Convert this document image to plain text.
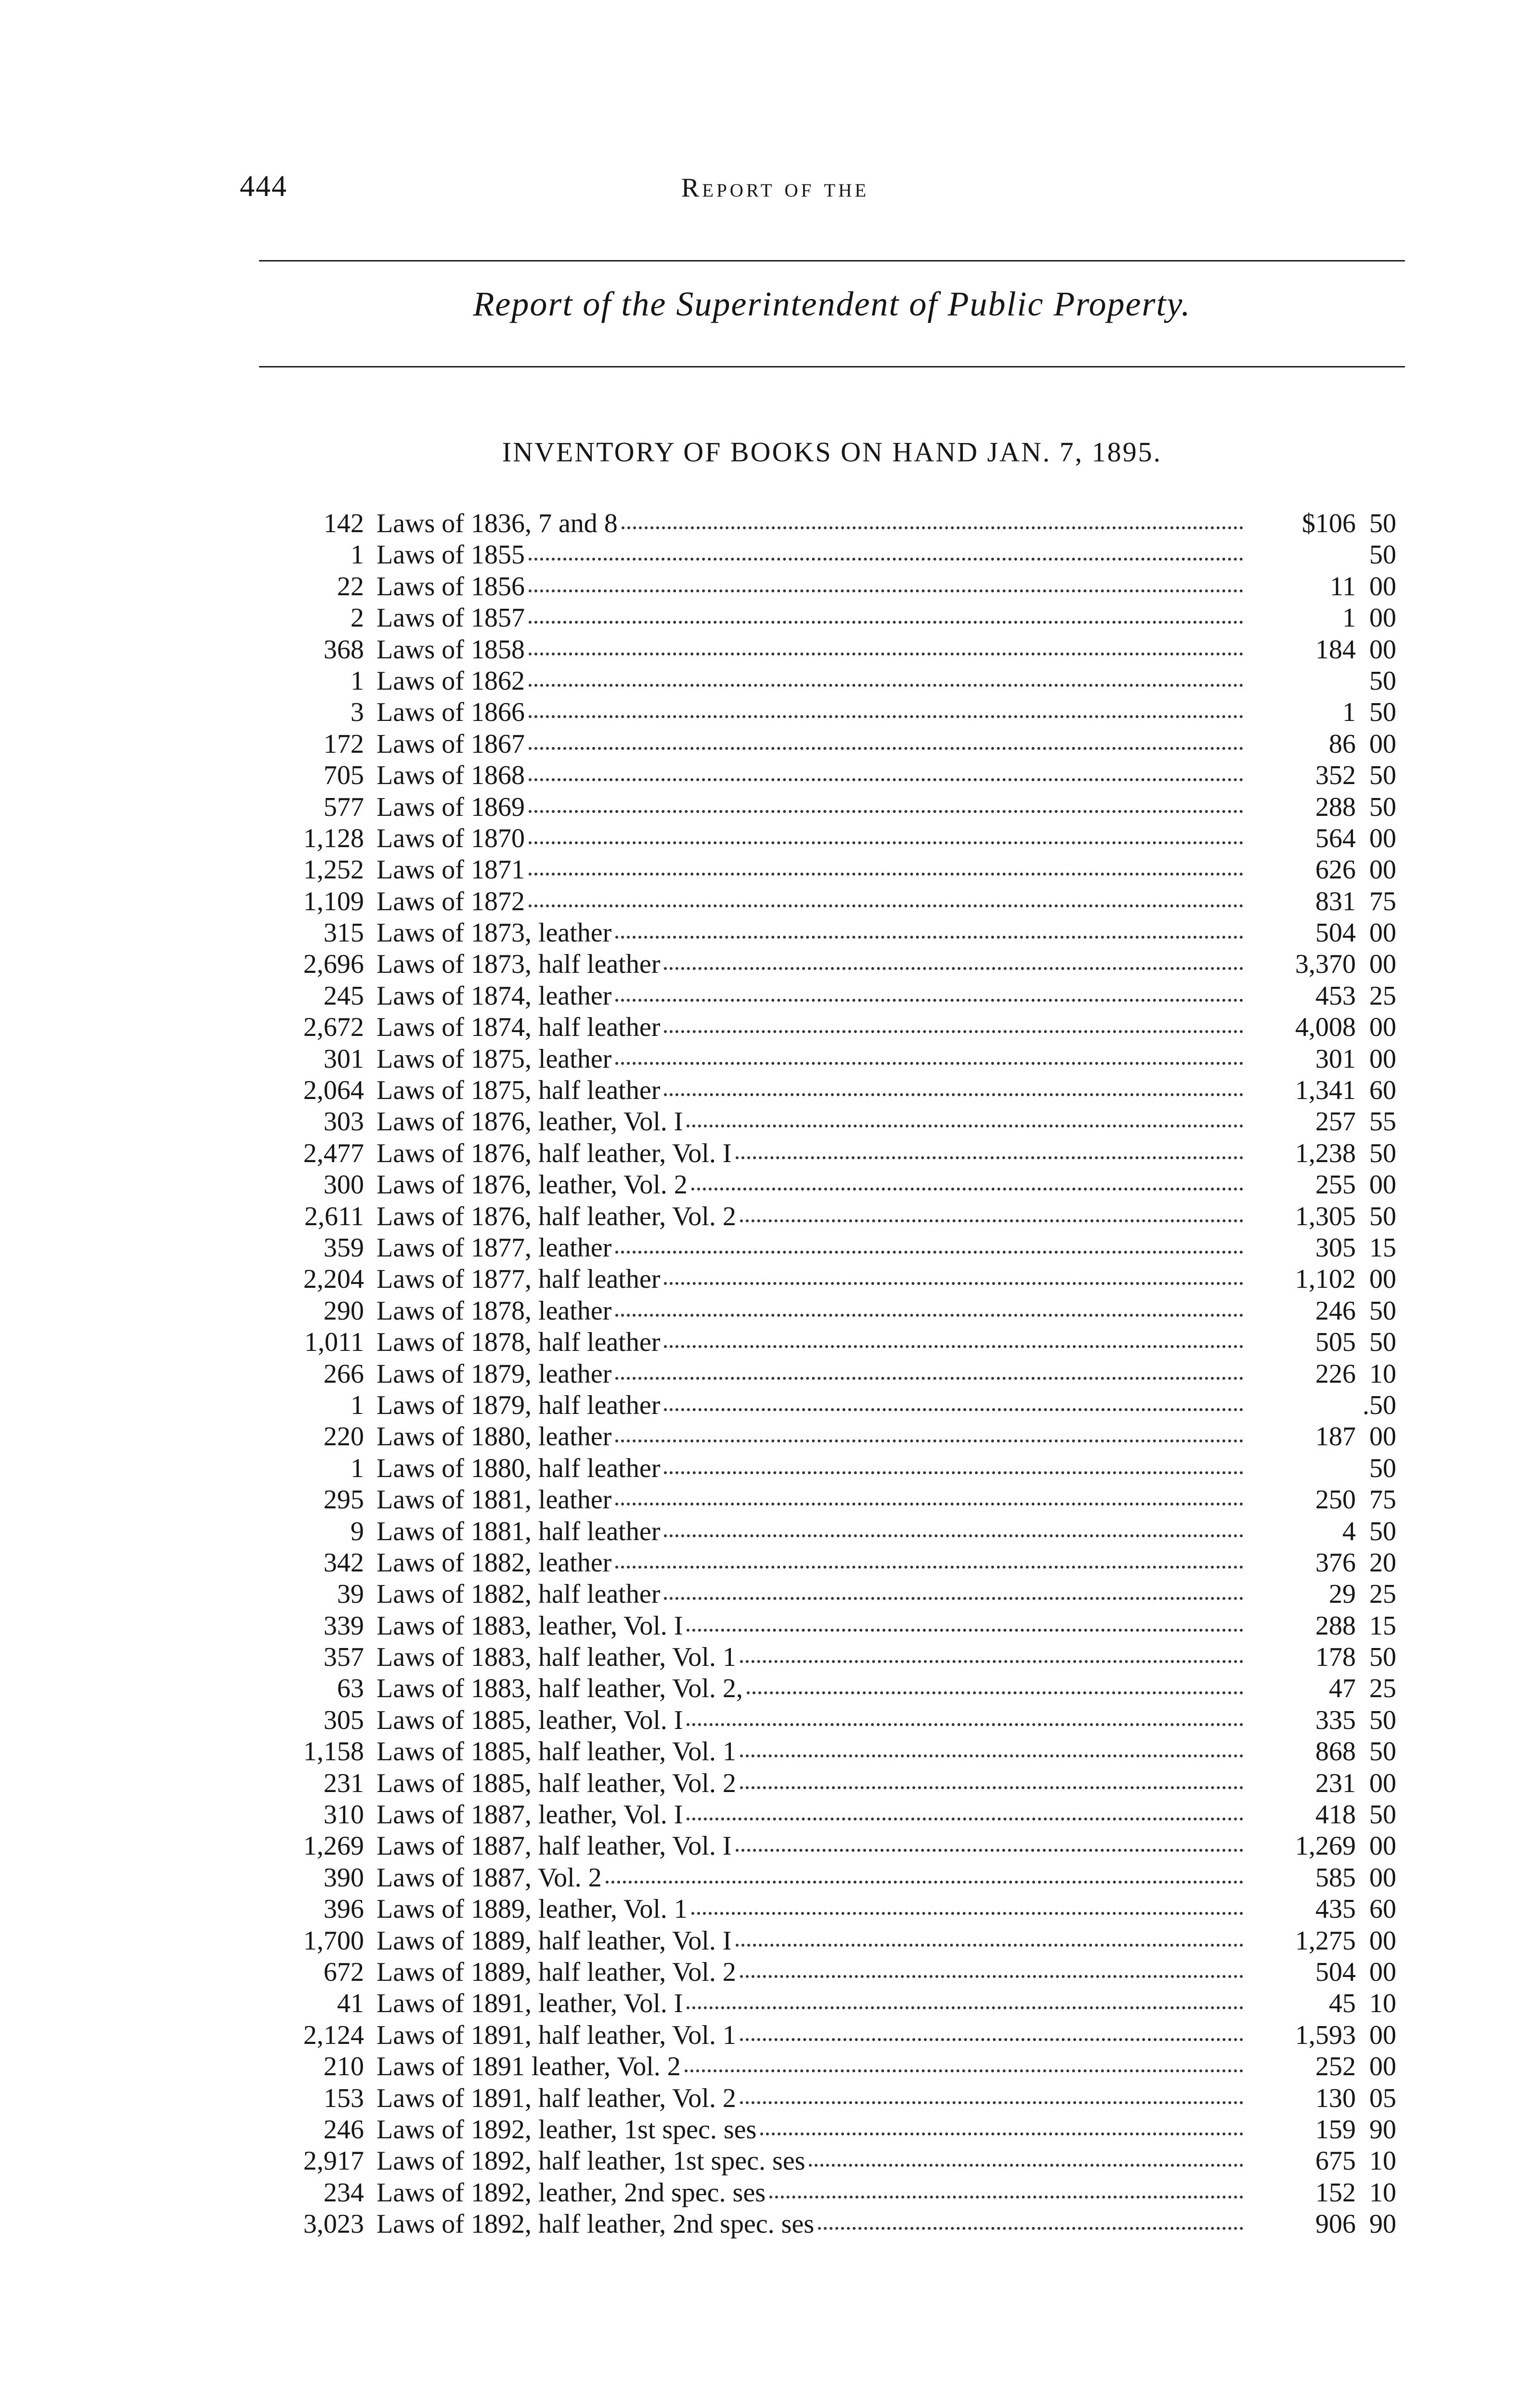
444	Report of the
Report of the Superintendent of Public Property.
INVENTORY OF BOOKS ON HAND JAN. 7, 1895.
142 Laws of 1836, 7 and 8	$106 50
1 Laws of 1855	50
22 Laws of 1856	11 00
2 Laws of 1857	1 00
368 Laws of 1858	184 00
1 Laws of 1862	50
3 Laws of 1866	1 50
172 Laws of 1867	86 00
705 Laws of 1868	352 50
577 Laws of 1869	288 50
1,128 Laws of 1870	564 00
1,252 Laws of 1871	626 00
1,109 Laws of 1872	831 75
315 Laws of 1873, leather	504 00
2,696 Laws of 1873, half leather	3,370 00
245 Laws of 1874, leather	453 25
2,672 Laws of 1874, half leather	4,008 00
301 Laws of 1875, leather	301 00
2,064 Laws of 1875, half leather	1,341 60
303 Laws of 1876, leather, Vol. I	257 55
2,477 Laws of 1876, half leather, Vol. I	1,238 50
300 Laws of 1876, leather, Vol. 2	255 00
2,611 Laws of 1876, half leather, Vol. 2	1,305 50
359 Laws of 1877, leather	305 15
2,204 Laws of 1877, half leather	1,102 00
290 Laws of 1878, leather	246 50
1,011 Laws of 1878, half leather	505 50
266 Laws of 1879, leather	226 10
1 Laws of 1879, half leather	.50
220 Laws of 1880, leather	187 00
1 Laws of 1880, half leather	50
295 Laws of 1881, leather	250 75
9 Laws of 1881, half leather	4 50
342 Laws of 1882, leather	376 20
39 Laws of 1882, half leather	29 25
339 Laws of 1883, leather, Vol. I	288 15
357 Laws of 1883, half leather, Vol. 1	178 50
63 Laws of 1883, half leather, Vol. 2,	47 25
305 Laws of 1885, leather, Vol. I	335 50
1,158 Laws of 1885, half leather, Vol. 1	868 50
231 Laws of 1885, half leather, Vol. 2	231 00
310 Laws of 1887, leather, Vol. I	418 50
1,269 Laws of 1887, half leather, Vol. I	1,269 00
390 Laws of 1887, Vol. 2	585 00
396 Laws of 1889, leather, Vol. 1	435 60
1,700 Laws of 1889, half leather, Vol. I	1,275 00
672 Laws of 1889, half leather, Vol. 2	504 00
41 Laws of 1891, leather, Vol. I	45 10
2,124 Laws of 1891, half leather, Vol. 1	1,593 00
210 Laws of 1891 leather, Vol. 2	252 00
153 Laws of 1891, half leather, Vol. 2	130 05
246 Laws of 1892, leather, 1st spec. ses	159 90
2,917 Laws of 1892, half leather, 1st spec. ses	675 10
234 Laws of 1892, leather, 2nd spec. ses	152 10
3,023 Laws of 1892, half leather, 2nd spec. ses	906 90
